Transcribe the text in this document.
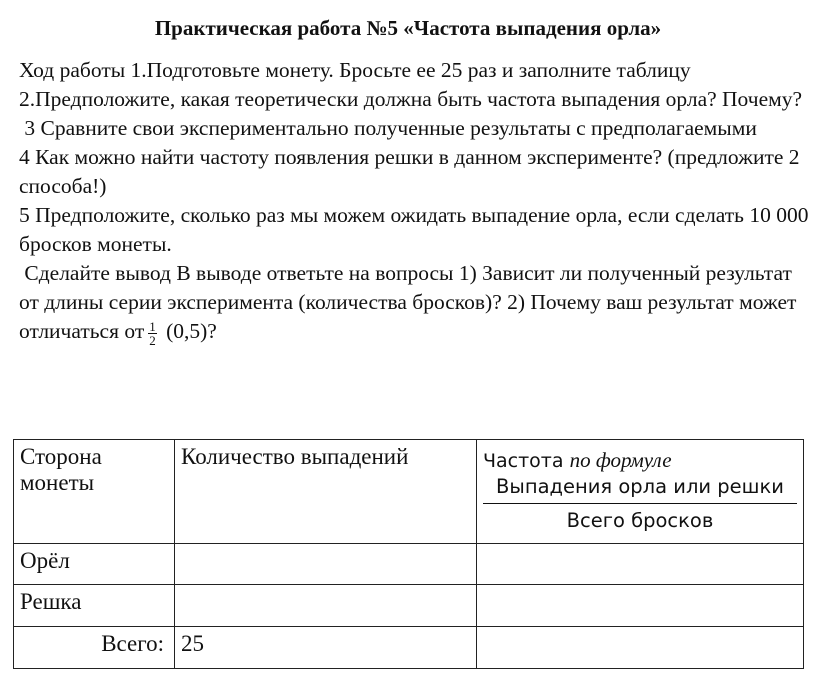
Практическая работа №5 «Частота выпадения орла»

Ход работы 1.Подготовьте монету. Бросьте ее 25 раз и заполните таблицу

2.Предположите, какая теоретически должна быть частота выпадения орла? Почему?

3 Сравните свои экспериментально полученные результаты с предполагаемыми

4 Как можно найти частоту появления решки в данном эксперименте? (предложите 2 способа!)

5 Предположите, сколько раз мы можем ожидать выпадение орла, если сделать 10 000 бросков монеты.

Сделайте вывод В выводе ответьте на вопросы 1) Зависит ли полученный результат от длины серии эксперимента (количества бросков)? 2) Почему ваш результат может отличаться от $\frac{1}{2} (0,5)$?

Сторона монеты	Количество выпадений	Частота по формуле
Выпадения орла или решки
Всего бросков

Орёл		
Решка		
Всего:	25	
